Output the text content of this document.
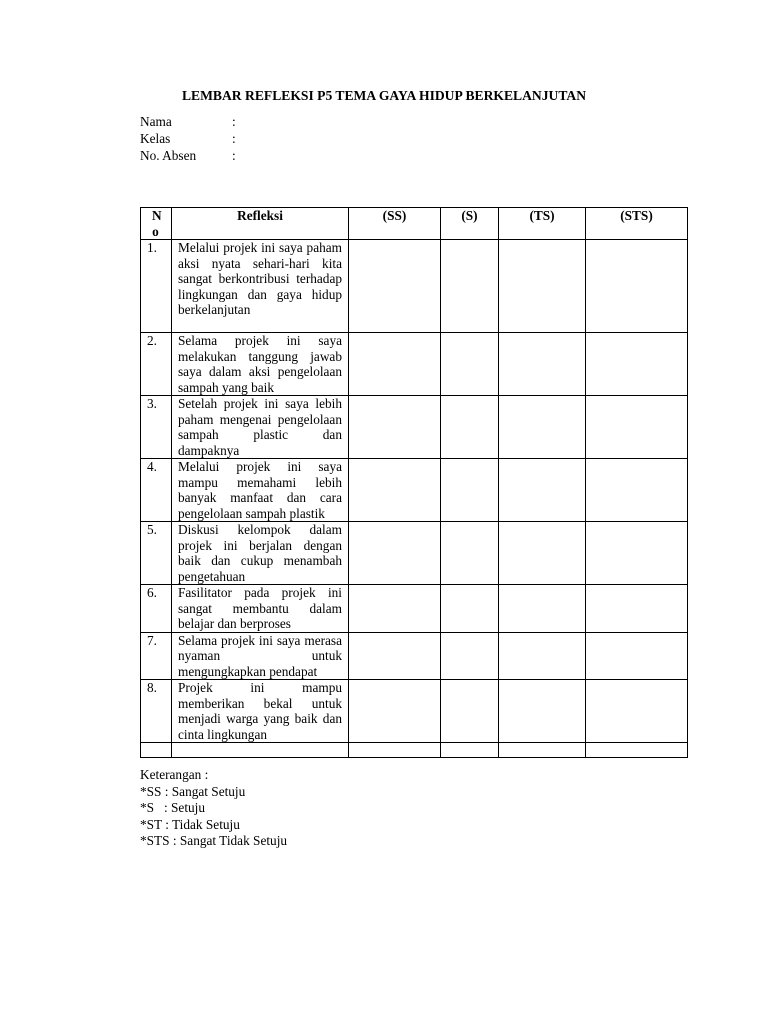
LEMBAR REFLEKSI P5 TEMA GAYA HIDUP BERKELANJUTAN
Nama	:
Kelas	:
No. Absen	:
No	Refleksi	(SS)	(S)	(TS)	(STS)
1.	Melalui projek ini saya paham aksi nyata sehari-hari kita sangat berkontribusi terhadap lingkungan dan gaya hidup berkelanjutan				

2.	Selama projek ini saya melakukan tanggung jawab saya dalam aksi pengelolaan sampah yang baik				

3.	Setelah projek ini saya lebih paham mengenai pengelolaan sampah plastic dan dampaknya				

4.	Melalui projek ini saya mampu memahami lebih banyak manfaat dan cara pengelolaan sampah plastik				

5.	Diskusi kelompok dalam projek ini berjalan dengan baik dan cukup menambah pengetahuan				

6.	Fasilitator pada projek ini sangat membantu dalam belajar dan berproses				

7.	Selama projek ini saya merasa nyaman untuk mengungkapkan pendapat				

8.	Projek ini mampu memberikan bekal untuk menjadi warga yang baik dan cinta lingkungan				

Keterangan :
*SS : Sangat Setuju
*S   : Setuju
*ST : Tidak Setuju
*STS : Sangat Tidak Setuju
